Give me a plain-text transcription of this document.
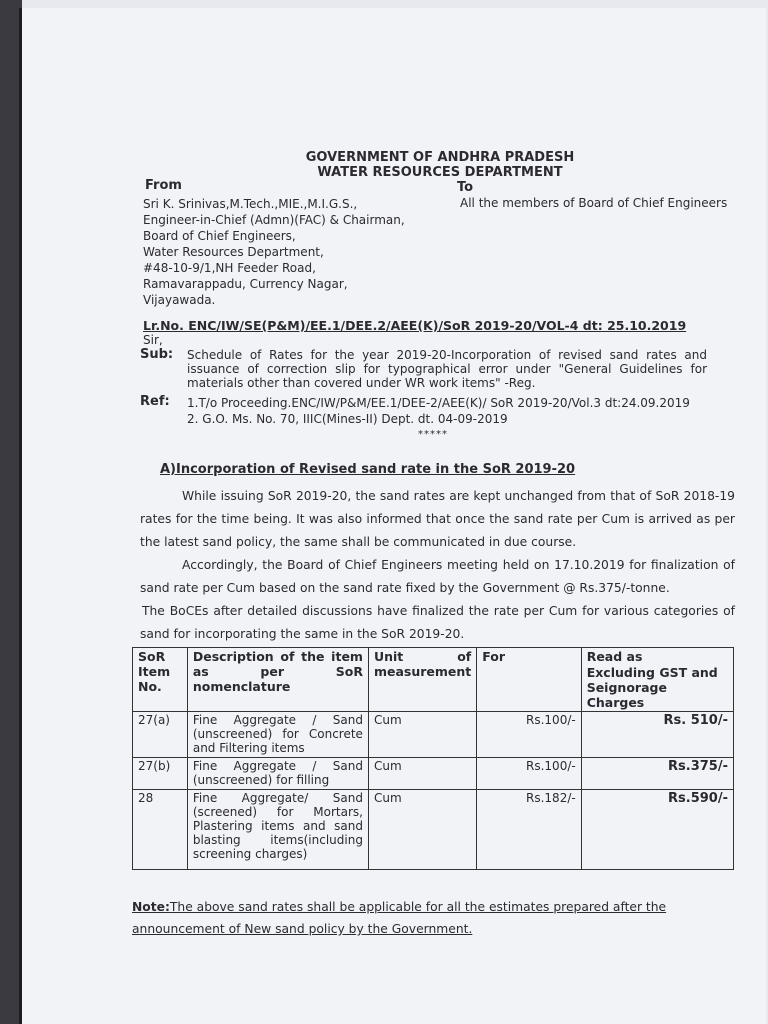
GOVERNMENT OF ANDHRA PRADESH
WATER RESOURCES DEPARTMENT
From	To
Sri K. Srinivas,M.Tech.,MIE.,M.I.G.S.,
Engineer-in-Chief (Admn)(FAC) & Chairman,
Board of Chief Engineers,
Water Resources Department,
#48-10-9/1,NH Feeder Road,
Ramavarappadu, Currency Nagar,
Vijayawada.
All the members of Board of Chief Engineers
Lr.No. ENC/IW/SE(P&M)/EE.1/DEE.2/AEE(K)/SoR 2019-20/VOL-4 dt: 25.10.2019
Sir,
Sub: Schedule of Rates for the year 2019-20-Incorporation of revised sand rates and issuance of correction slip for typographical error under "General Guidelines for materials other than covered under WR work items" -Reg.
Ref: 1.T/o Proceeding.ENC/IW/P&M/EE.1/DEE-2/AEE(K)/ SoR 2019-20/Vol.3 dt:24.09.2019
2. G.O. Ms. No. 70, IIIC(Mines-II) Dept. dt. 04-09-2019
*****
A)Incorporation of Revised sand rate in the SoR 2019-20
While issuing SoR 2019-20, the sand rates are kept unchanged from that of SoR 2018-19 rates for the time being. It was also informed that once the sand rate per Cum is arrived as per the latest sand policy, the same shall be communicated in due course.
Accordingly, the Board of Chief Engineers meeting held on 17.10.2019 for finalization of sand rate per Cum based on the sand rate fixed by the Government @ Rs.375/-tonne.
The BoCEs after detailed discussions have finalized the rate per Cum for various categories of sand for incorporating the same in the SoR 2019-20.
SoR Item No.	Description of the item as per SoR nomenclature	Unit of measurement	For	Read as
				Excluding GST and Seignorage Charges
27(a)	Fine Aggregate / Sand (unscreened) for Concrete and Filtering items	Cum	Rs.100/-	Rs. 510/-
27(b)	Fine Aggregate / Sand (unscreened) for filling	Cum	Rs.100/-	Rs.375/-
28	Fine Aggregate/ Sand (screened) for Mortars, Plastering items and sand blasting items(including screening charges)	Cum	Rs.182/-	Rs.590/-
Note:The above sand rates shall be applicable for all the estimates prepared after the announcement of New sand policy by the Government.
